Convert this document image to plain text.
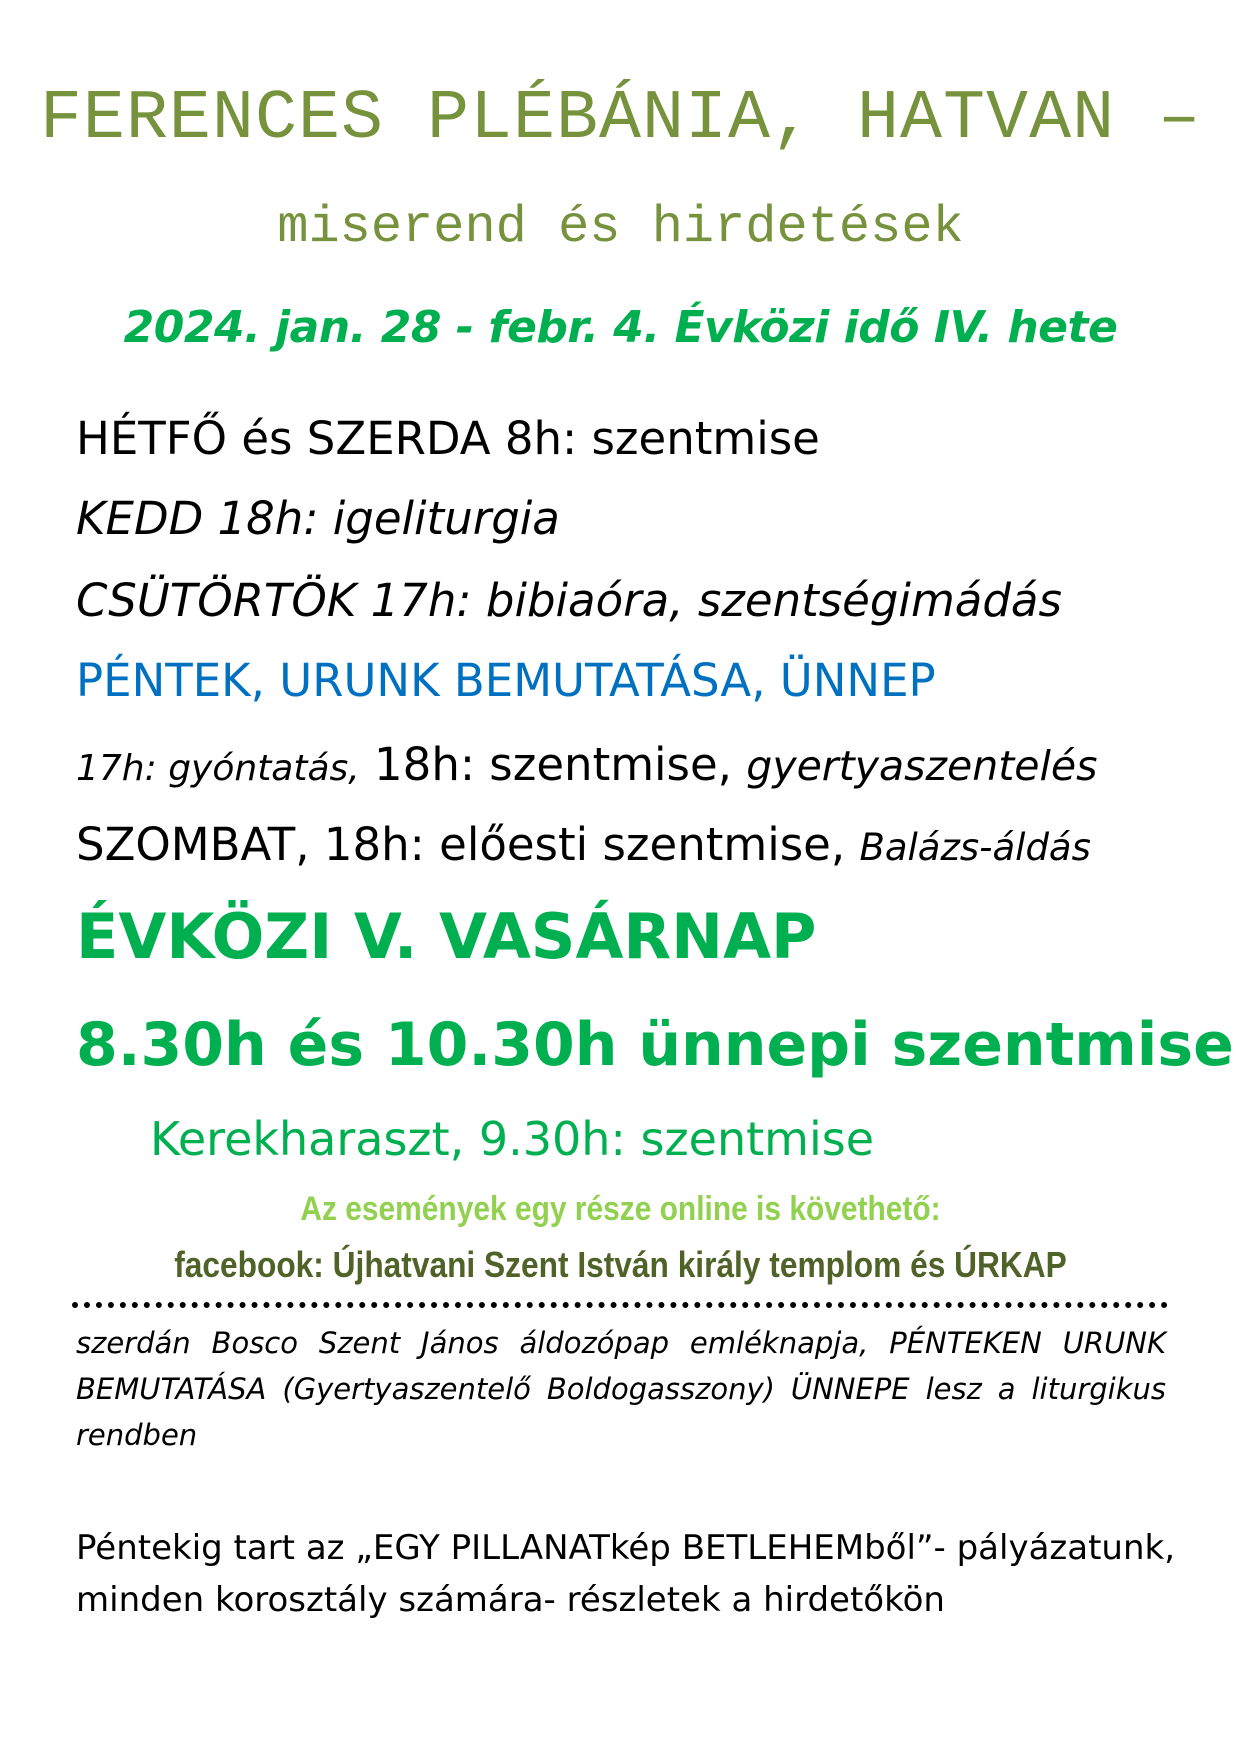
FERENCES PLÉBÁNIA, HATVAN –
miserend és hirdetések
2024. jan. 28 - febr. 4. Évközi idő IV. hete
HÉTFŐ és SZERDA 8h: szentmise
KEDD 18h: igeliturgia
CSÜTÖRTÖK 17h: bibiaóra, szentségimádás
PÉNTEK, URUNK BEMUTATÁSA, ÜNNEP
17h: gyóntatás, 18h: szentmise, gyertyaszentelés
SZOMBAT, 18h: előesti szentmise, Balázs-áldás
ÉVKÖZI V. VASÁRNAP
8.30h és 10.30h ünnepi szentmise
Kerekharaszt, 9.30h: szentmise
Az események egy része online is követhető:
facebook: Újhatvani Szent István király templom és ÚRKAP
szerdán Bosco Szent János áldozópap emléknapja, PÉNTEKEN URUNK BEMUTATÁSA (Gyertyaszentelő Boldogasszony) ÜNNEPE lesz a liturgikus rendben
Péntekig tart az „EGY PILLANATkép BETLEHEMből”- pályázatunk, minden korosztály számára- részletek a hirdetőkön
